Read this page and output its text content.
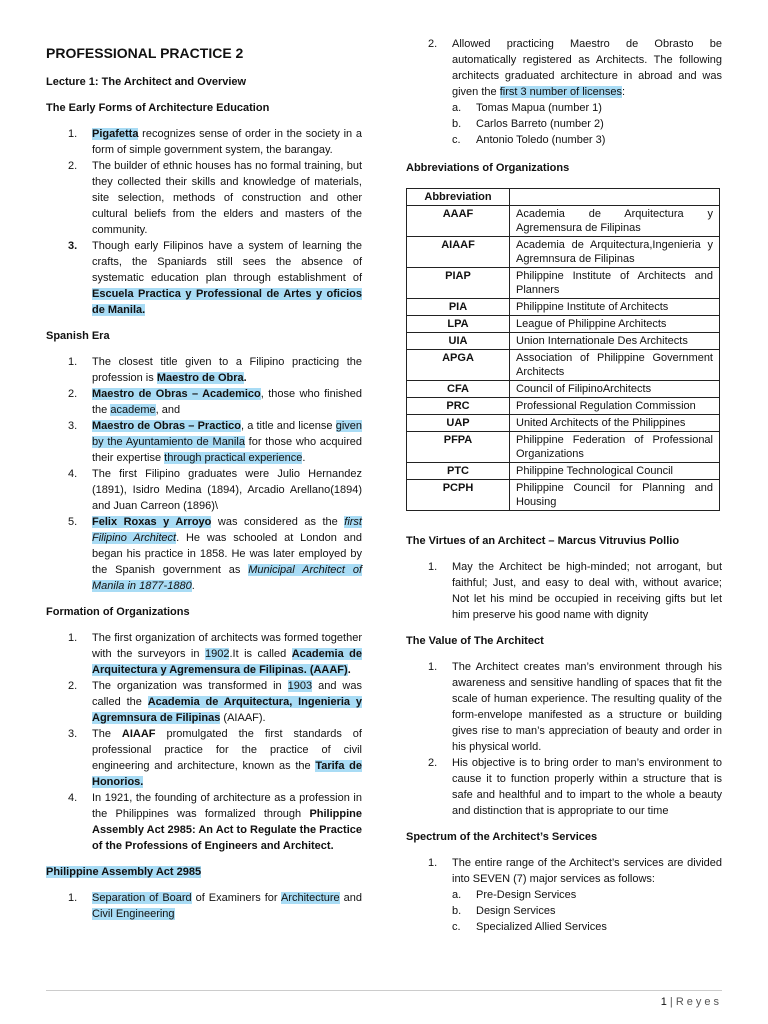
PROFESSIONAL PRACTICE 2
Lecture 1: The Architect and Overview
The Early Forms of Architecture Education
1. Pigafetta recognizes sense of order in the society in a form of simple government system, the barangay.
2. The builder of ethnic houses has no formal training, but they collected their skills and knowledge of materials, site selection, methods of construction and other cultural beliefs from the elders and masters of the community.
3. Though early Filipinos have a system of learning the crafts, the Spaniards still sees the absence of systematic education plan through establishment of Escuela Practica y Professional de Artes y oficios de Manila.
Spanish Era
1. The closest title given to a Filipino practicing the profession is Maestro de Obra.
2. Maestro de Obras – Academico, those who finished the academe, and
3. Maestro de Obras – Practico, a title and license given by the Ayuntamiento de Manila for those who acquired their expertise through practical experience.
4. The first Filipino graduates were Julio Hernandez (1891), Isidro Medina (1894), Arcadio Arellano(1894) and Juan Carreon (1896)\
5. Felix Roxas y Arroyo was considered as the first Filipino Architect. He was schooled at London and began his practice in 1858. He was later employed by the Spanish government as Municipal Architect of Manila in 1877-1880.
Formation of Organizations
1. The first organization of architects was formed together with the surveyors in 1902.It is called Academia de Arquitectura y Agremensura de Filipinas. (AAAF).
2. The organization was transformed in 1903 and was called the Academia de Arquitectura, Ingenieria y Agremnsura de Filipinas (AIAAF).
3. The AIAAF promulgated the first standards of professional practice for the practice of civil engineering and architecture, known as the Tarifa de Honorios.
4. In 1921, the founding of architecture as a profession in the Philippines was formalized through Philippine Assembly Act 2985: An Act to Regulate the Practice of the Professions of Engineers and Architect.
Philippine Assembly Act 2985
1. Separation of Board of Examiners for Architecture and Civil Engineering
2. Allowed practicing Maestro de Obrasto be automatically registered as Architects. The following architects graduated architecture in abroad and was given the first 3 number of licenses:
a. Tomas Mapua (number 1)
b. Carlos Barreto (number 2)
c. Antonio Toledo (number 3)
Abbreviations of Organizations
Abbreviation	
AAAF	Academia de Arquitectura y Agremensura de Filipinas
AIAAF	Academia de Arquitectura,Ingenieria y Agremnsura de Filipinas
PIAP	Philippine Institute of Architects and Planners
PIA	Philippine Institute of Architects
LPA	League of Philippine Architects
UIA	Union Internationale Des Architects
APGA	Association of Philippine Government Architects
CFA	Council of FilipinoArchitects
PRC	Professional Regulation Commission
UAP	United Architects of the Philippines
PFPA	Philippine Federation of Professional Organizations
PTC	Philippine Technological Council
PCPH	Philippine Council for Planning and Housing
The Virtues of an Architect – Marcus Vitruvius Pollio
1. May the Architect be high-minded; not arrogant, but faithful; Just, and easy to deal with, without avarice; Not let his mind be occupied in receiving gifts but let him preserve his good name with dignity
The Value of The Architect
1. The Architect creates man’s environment through his awareness and sensitive handling of spaces that fit the scale of human experience. The resulting quality of the form-envelope manifested as a structure or building gives rise to man’s appreciation of beauty and order in his physical world.
2. His objective is to bring order to man’s environment to cause it to function properly within a structure that is safe and healthful and to impart to the whole a beauty and distinction that is appropriate to our time
Spectrum of the Architect’s Services
1. The entire range of the Architect’s services are divided into SEVEN (7) major services as follows:
a. Pre-Design Services
b. Design Services
c. Specialized Allied Services
1 | Reyes
